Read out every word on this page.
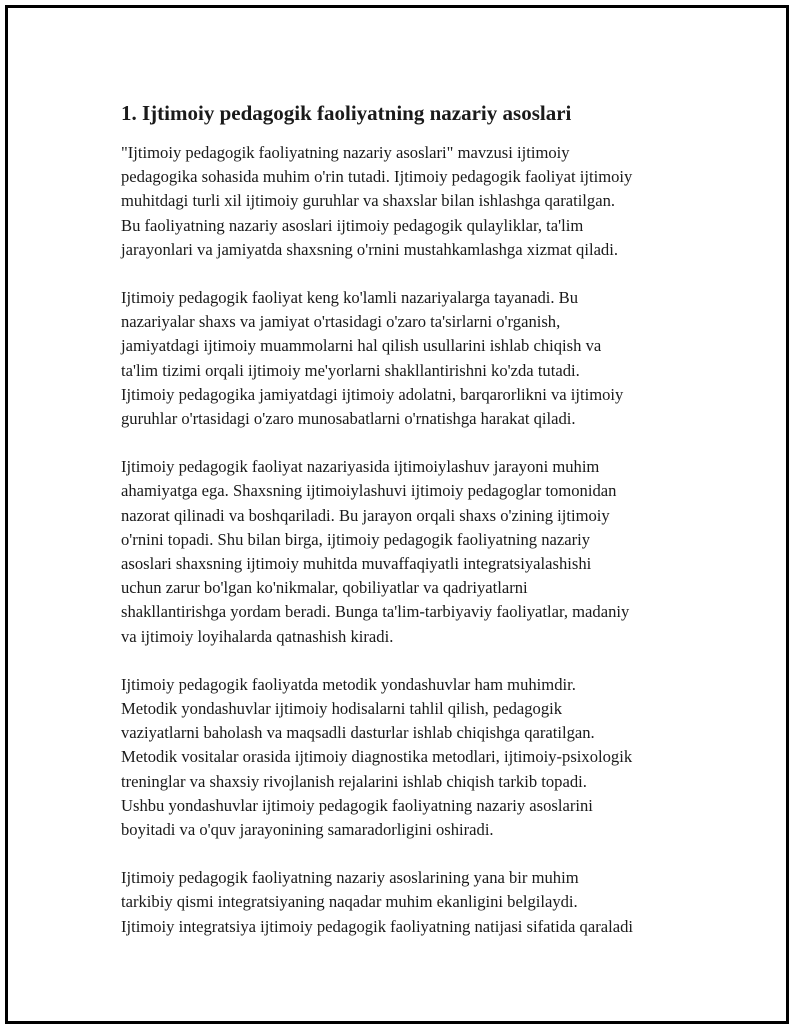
1. Ijtimoiy pedagogik faoliyatning nazariy asoslari
"Ijtimoiy pedagogik faoliyatning nazariy asoslari" mavzusi ijtimoiy
pedagogika sohasida muhim o'rin tutadi. Ijtimoiy pedagogik faoliyat ijtimoiy
muhitdagi turli xil ijtimoiy guruhlar va shaxslar bilan ishlashga qaratilgan.
Bu faoliyatning nazariy asoslari ijtimoiy pedagogik qulayliklar, ta'lim
jarayonlari va jamiyatda shaxsning o'rnini mustahkamlashga xizmat qiladi.
Ijtimoiy pedagogik faoliyat keng ko'lamli nazariyalarga tayanadi. Bu
nazariyalar shaxs va jamiyat o'rtasidagi o'zaro ta'sirlarni o'rganish,
jamiyatdagi ijtimoiy muammolarni hal qilish usullarini ishlab chiqish va
ta'lim tizimi orqali ijtimoiy me'yorlarni shakllantirishni ko'zda tutadi.
Ijtimoiy pedagogika jamiyatdagi ijtimoiy adolatni, barqarorlikni va ijtimoiy
guruhlar o'rtasidagi o'zaro munosabatlarni o'rnatishga harakat qiladi.
Ijtimoiy pedagogik faoliyat nazariyasida ijtimoiylashuv jarayoni muhim
ahamiyatga ega. Shaxsning ijtimoiylashuvi ijtimoiy pedagoglar tomonidan
nazorat qilinadi va boshqariladi. Bu jarayon orqali shaxs o'zining ijtimoiy
o'rnini topadi. Shu bilan birga, ijtimoiy pedagogik faoliyatning nazariy
asoslari shaxsning ijtimoiy muhitda muvaffaqiyatli integratsiyalashishi
uchun zarur bo'lgan ko'nikmalar, qobiliyatlar va qadriyatlarni
shakllantirishga yordam beradi. Bunga ta'lim-tarbiyaviy faoliyatlar, madaniy
va ijtimoiy loyihalarda qatnashish kiradi.
Ijtimoiy pedagogik faoliyatda metodik yondashuvlar ham muhimdir.
Metodik yondashuvlar ijtimoiy hodisalarni tahlil qilish, pedagogik
vaziyatlarni baholash va maqsadli dasturlar ishlab chiqishga qaratilgan.
Metodik vositalar orasida ijtimoiy diagnostika metodlari, ijtimoiy-psixologik
treninglar va shaxsiy rivojlanish rejalarini ishlab chiqish tarkib topadi.
Ushbu yondashuvlar ijtimoiy pedagogik faoliyatning nazariy asoslarini
boyitadi va o'quv jarayonining samaradorligini oshiradi.
Ijtimoiy pedagogik faoliyatning nazariy asoslarining yana bir muhim
tarkibiy qismi integratsiyaning naqadar muhim ekanligini belgilaydi.
Ijtimoiy integratsiya ijtimoiy pedagogik faoliyatning natijasi sifatida qaraladi
